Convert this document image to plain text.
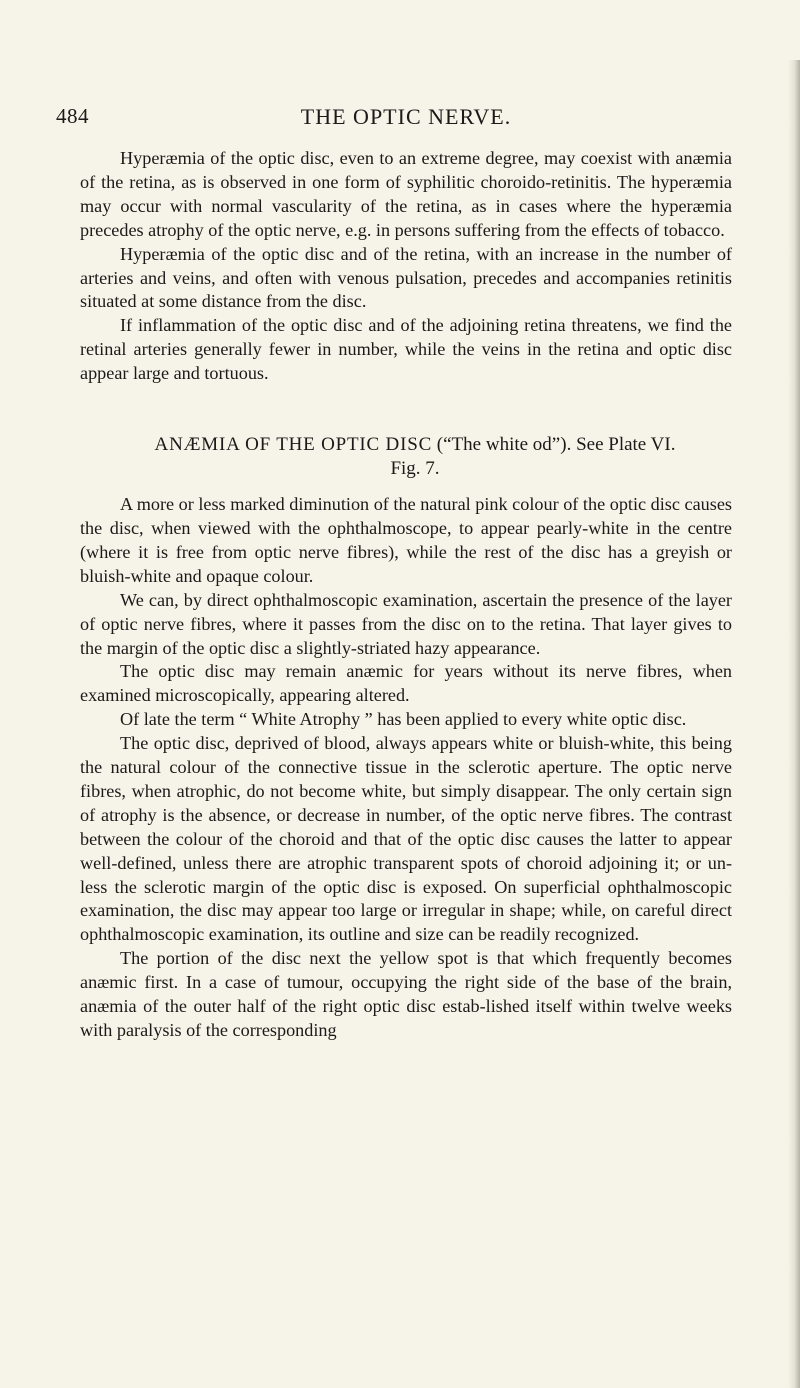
484	THE OPTIC NERVE.

Hyperæmia of the optic disc, even to an extreme degree, may coexist with anæmia of the retina, as is observed in one form of syphilitic choroido-retinitis. The hyperæmia may occur with normal vascularity of the retina, as in cases where the hyperæmia precedes atrophy of the optic nerve, e.g. in persons suffering from the effects of tobacco.

Hyperæmia of the optic disc and of the retina, with an increase in the number of arteries and veins, and often with venous pulsation, precedes and accompanies retinitis situated at some distance from the disc.

If inflammation of the optic disc and of the adjoining retina threatens, we find the retinal arteries generally fewer in number, while the veins in the retina and optic disc appear large and tortuous.

ANÆMIA OF THE OPTIC DISC (“The white od”). See Plate VI.
Fig. 7.

A more or less marked diminution of the natural pink colour of the optic disc causes the disc, when viewed with the ophthalmoscope, to appear pearly-white in the centre (where it is free from optic nerve fibres), while the rest of the disc has a greyish or bluish-white and opaque colour.

We can, by direct ophthalmoscopic examination, ascertain the presence of the layer of optic nerve fibres, where it passes from the disc on to the retina. That layer gives to the margin of the optic disc a slightly-striated hazy appearance.

The optic disc may remain anæmic for years without its nerve fibres, when examined microscopically, appearing altered.

Of late the term “ White Atrophy ” has been applied to every white optic disc.

The optic disc, deprived of blood, always appears white or bluish-white, this being the natural colour of the connective tissue in the sclerotic aperture. The optic nerve fibres, when atrophic, do not become white, but simply disappear. The only certain sign of atrophy is the absence, or decrease in number, of the optic nerve fibres. The contrast between the colour of the choroid and that of the optic disc causes the latter to appear well-defined, unless there are atrophic transparent spots of choroid adjoining it; or un-less the sclerotic margin of the optic disc is exposed. On superficial ophthalmoscopic examination, the disc may appear too large or irregular in shape; while, on careful direct ophthalmoscopic examination, its outline and size can be readily recognized.

The portion of the disc next the yellow spot is that which frequently becomes anæmic first. In a case of tumour, occupying the right side of the base of the brain, anæmia of the outer half of the right optic disc estab-lished itself within twelve weeks with paralysis of the corresponding
